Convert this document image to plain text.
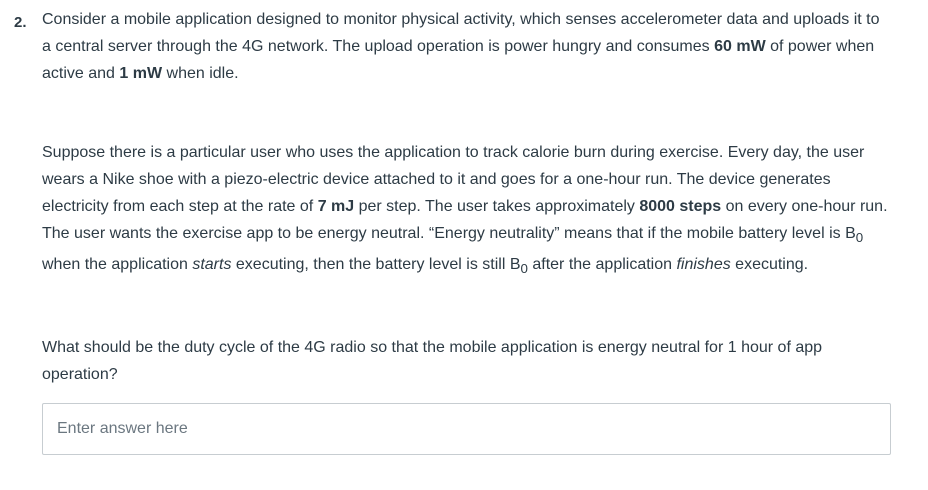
2. Consider a mobile application designed to monitor physical activity, which senses accelerometer data and uploads it to a central server through the 4G network. The upload operation is power hungry and consumes 60 mW of power when active and 1 mW when idle.

Suppose there is a particular user who uses the application to track calorie burn during exercise. Every day, the user wears a Nike shoe with a piezo-electric device attached to it and goes for a one-hour run. The device generates electricity from each step at the rate of 7 mJ per step. The user takes approximately 8000 steps on every one-hour run. The user wants the exercise app to be energy neutral. “Energy neutrality” means that if the mobile battery level is $B_0$ when the application starts executing, then the battery level is still $B_0$ after the application finishes executing.

What should be the duty cycle of the 4G radio so that the mobile application is energy neutral for 1 hour of app operation?

Enter answer here
